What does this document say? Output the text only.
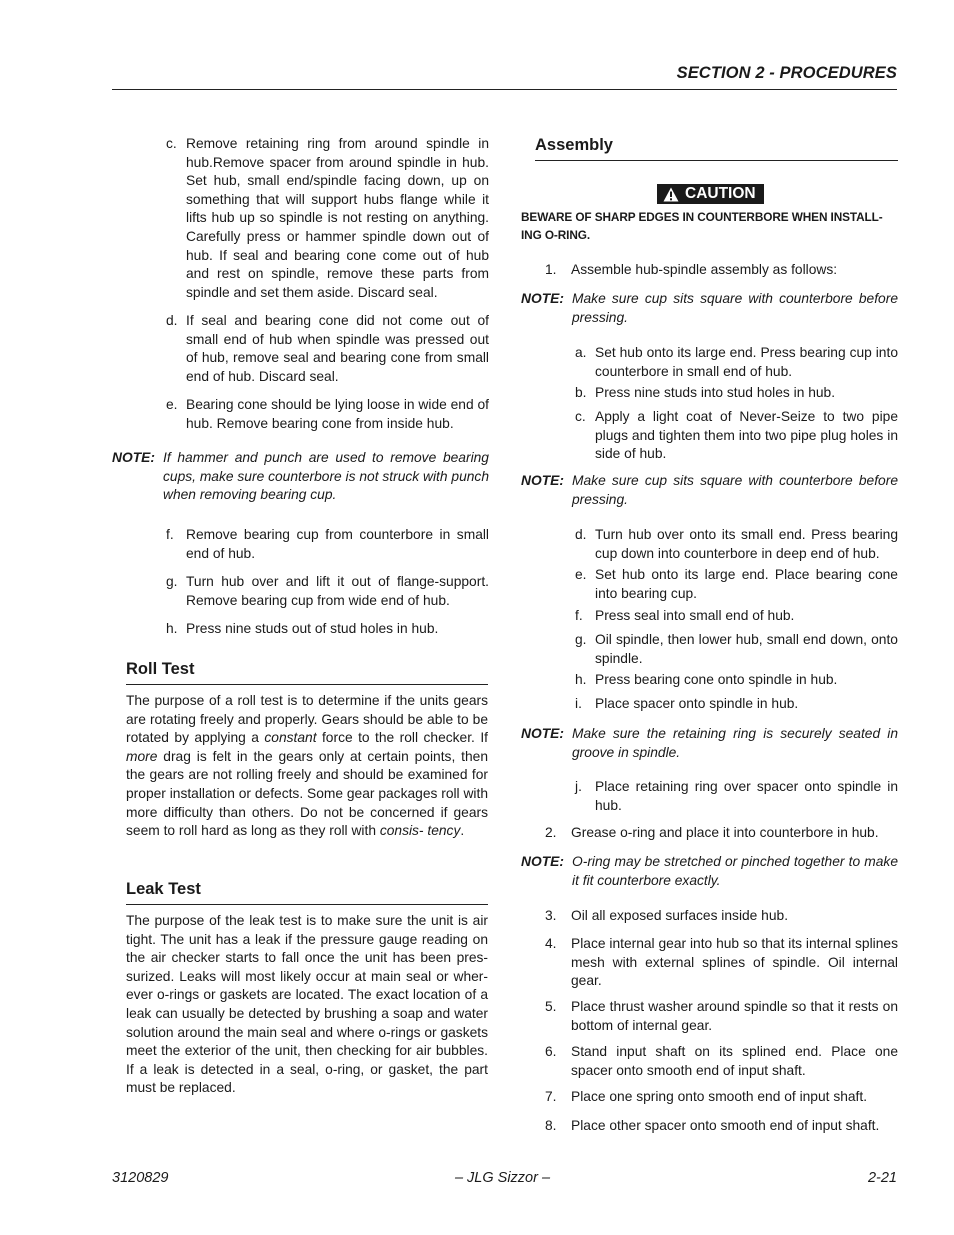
SECTION 2 - PROCEDURES
c. Remove retaining ring from around spindle in hub.Remove spacer from around spindle in hub. Set hub, small end/spindle facing down, up on something that will support hubs flange while it lifts hub up so spindle is not resting on anything. Carefully press or hammer spindle down out of hub. If seal and bearing cone come out of hub and rest on spindle, remove these parts from spindle and set them aside. Discard seal.
d. If seal and bearing cone did not come out of small end of hub when spindle was pressed out of hub, remove seal and bearing cone from small end of hub. Discard seal.
e. Bearing cone should be lying loose in wide end of hub. Remove bearing cone from inside hub.
NOTE: If hammer and punch are used to remove bearing cups, make sure counterbore is not struck with punch when removing bearing cup.
f. Remove bearing cup from counterbore in small end of hub.
g. Turn hub over and lift it out of flange-support. Remove bearing cup from wide end of hub.
h. Press nine studs out of stud holes in hub.
Roll Test
The purpose of a roll test is to determine if the units gears are rotating freely and properly. Gears should be able to be rotated by applying a constant force to the roll checker. If more drag is felt in the gears only at certain points, then the gears are not rolling freely and should be examined for proper installation or defects. Some gear packages roll with more difficulty than others. Do not be concerned if gears seem to roll hard as long as they roll with consis- tency.
Leak Test
The purpose of the leak test is to make sure the unit is air tight. The unit has a leak if the pressure gauge reading on the air checker starts to fall once the unit has been pres- surized. Leaks will most likely occur at main seal or wher- ever o-rings or gaskets are located. The exact location of a leak can usually be detected by brushing a soap and water solution around the main seal and where o-rings or gaskets meet the exterior of the unit, then checking for air bubbles. If a leak is detected in a seal, o-ring, or gasket, the part must be replaced.
Assembly
CAUTION
BEWARE OF SHARP EDGES IN COUNTERBORE WHEN INSTALL- ING O-RING.
1.	Assemble hub-spindle assembly as follows:
NOTE: Make sure cup sits square with counterbore before pressing.
a. Set hub onto its large end. Press bearing cup into counterbore in small end of hub.
b. Press nine studs into stud holes in hub.
c. Apply a light coat of Never-Seize to two pipe plugs and tighten them into two pipe plug holes in side of hub.
NOTE: Make sure cup sits square with counterbore before pressing.
d. Turn hub over onto its small end. Press bearing cup down into counterbore in deep end of hub.
e. Set hub onto its large end. Place bearing cone into bearing cup.
f. Press seal into small end of hub.
g. Oil spindle, then lower hub, small end down, onto spindle.
h. Press bearing cone onto spindle in hub.
i. Place spacer onto spindle in hub.
NOTE: Make sure the retaining ring is securely seated in groove in spindle.
j. Place retaining ring over spacer onto spindle in hub.
2.	Grease o-ring and place it into counterbore in hub.
NOTE: O-ring may be stretched or pinched together to make it fit counterbore exactly.
3.	Oil all exposed surfaces inside hub.
4.	Place internal gear into hub so that its internal splines mesh with external splines of spindle. Oil internal gear.
5.	Place thrust washer around spindle so that it rests on bottom of internal gear.
6.	Stand input shaft on its splined end. Place one spacer onto smooth end of input shaft.
7.	Place one spring onto smooth end of input shaft.
8.	Place other spacer onto smooth end of input shaft.
3120829	– JLG Sizzor –	2-21
